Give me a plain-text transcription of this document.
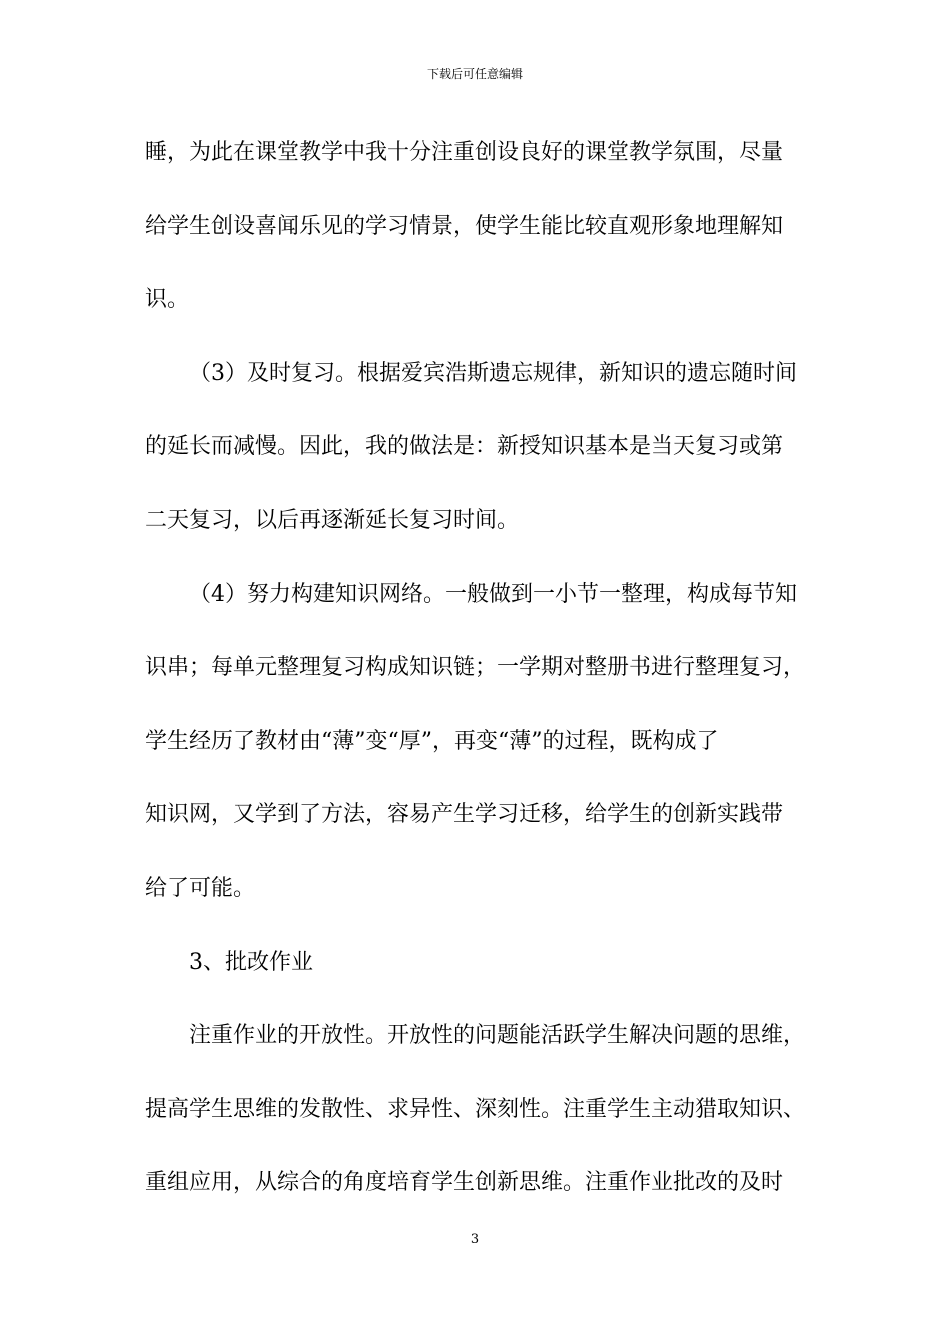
下载后可任意编辑
睡，为此在课堂教学中我十分注重创设良好的课堂教学氛围，尽量
给学生创设喜闻乐见的学习情景，使学生能比较直观形象地理解知
识。
（3）及时复习。根据爱宾浩斯遗忘规律，新知识的遗忘随时间
的延长而减慢。因此，我的做法是：新授知识基本是当天复习或第
二天复习，以后再逐渐延长复习时间。
（4）努力构建知识网络。一般做到一小节一整理，构成每节知
识串；每单元整理复习构成知识链；一学期对整册书进行整理复习，
学生经历了教材由“薄”变“厚”，再变“薄”的过程，既构成了
知识网，又学到了方法，容易产生学习迁移，给学生的创新实践带
给了可能。
3、批改作业
注重作业的开放性。开放性的问题能活跃学生解决问题的思维，
提高学生思维的发散性、求异性、深刻性。注重学生主动猎取知识、
重组应用，从综合的角度培育学生创新思维。注重作业批改的及时
3
